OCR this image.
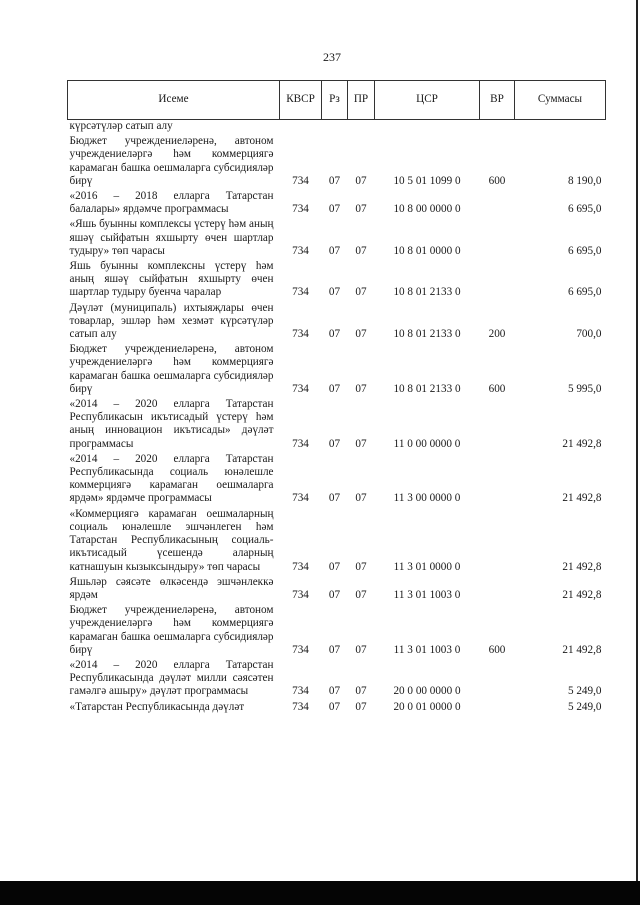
237
Исеме	КВСР	Рз	ПР	ЦСР	ВР	Суммасы
күрсәтүләр сатып алу						
Бюджет учреждениеләренә, автоном учреждениеләргә һәм коммерциягә карамаган башка оешмаларга субсидияләр бирү	734	07	07	10 5 01 1099 0	600	8 190,0
«2016 – 2018 елларга Татарстан балалары» ярдәмче программасы	734	07	07	10 8 00 0000 0		6 695,0
«Яшь буынны комплексы үстерү һәм аның яшәү сыйфатын яхшырту өчен шартлар тудыру» төп чарасы	734	07	07	10 8 01 0000 0		6 695,0
Яшь буынны комплексны үстерү һәм аның яшәү сыйфатын яхшырту өчен шартлар тудыру буенча чаралар	734	07	07	10 8 01 2133 0		6 695,0
Дәүләт (муниципаль) ихтыяҗлары өчен товарлар, эшләр һәм хезмәт күрсәтүләр сатып алу	734	07	07	10 8 01 2133 0	200	700,0
Бюджет учреждениеләренә, автоном учреждениеләргә һәм коммерциягә карамаган башка оешмаларга субсидияләр бирү	734	07	07	10 8 01 2133 0	600	5 995,0
«2014 – 2020 елларга Татарстан Республикасын икътисадый үстерү һәм аның инновацион икътисады» дәүләт программасы	734	07	07	11 0 00 0000 0		21 492,8
«2014 – 2020 елларга Татарстан Республикасында социаль юнәлешле коммерциягә карамаган оешмаларга ярдәм» ярдәмче программасы	734	07	07	11 3 00 0000 0		21 492,8
«Коммерциягә карамаган оешмаларның социаль юнәлешле эшчәнлеген һәм Татарстан Республикасының социаль-икътисадый үсешендә аларның катнашуын кызыксындыру» төп чарасы	734	07	07	11 3 01 0000 0		21 492,8
Яшьләр сәясәте өлкәсендә эшчәнлеккә ярдәм	734	07	07	11 3 01 1003 0		21 492,8
Бюджет учреждениеләренә, автоном учреждениеләргә һәм коммерциягә карамаган башка оешмаларга субсидияләр бирү	734	07	07	11 3 01 1003 0	600	21 492,8
«2014 – 2020 елларга Татарстан Республикасында дәүләт милли сәясәтен гамәлгә ашыру» дәүләт программасы	734	07	07	20 0 00 0000 0		5 249,0
«Татарстан Республикасында дәүләт	734	07	07	20 0 01 0000 0		5 249,0
